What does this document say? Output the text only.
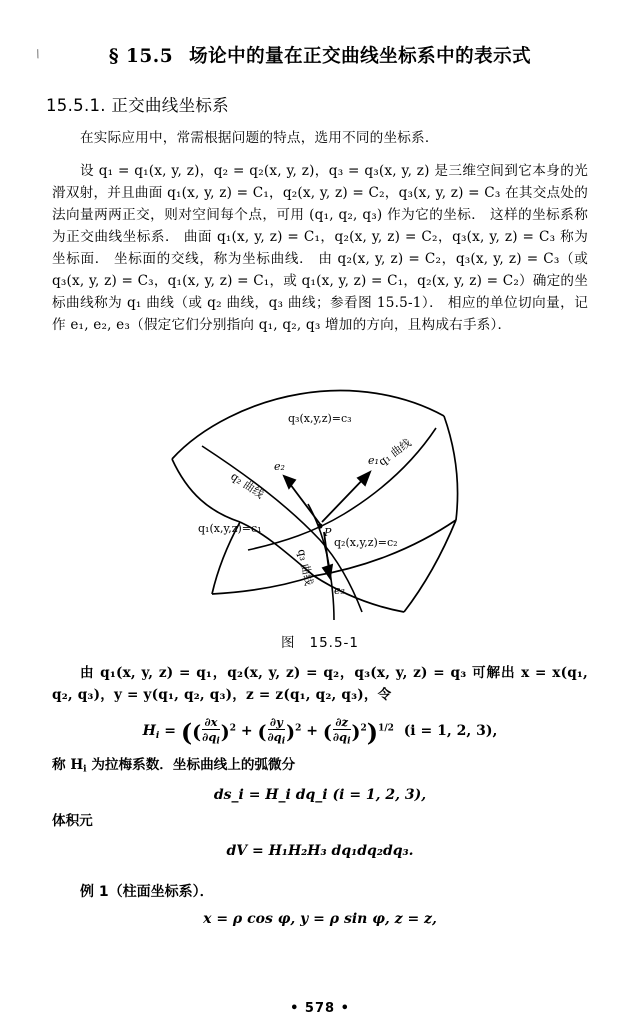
\	§ 15.5 场论中的量在正交曲线坐标系中的表示式
15.5.1. 正交曲线坐标系

在实际应用中，常需根据问题的特点，选用不同的坐标系．

设 q₁ = q₁(x, y, z)，q₂ = q₂(x, y, z)，q₃ = q₃(x, y, z) 是三维空间到它本身的光滑双射，并且曲面 q₁(x, y, z) = C₁，q₂(x, y, z) = C₂，q₃(x, y, z) = C₃ 在其交点处的法向量两两正交，则对空间每个点，可用 (q₁, q₂, q₃) 作为它的坐标． 这样的坐标系称为正交曲线坐标系． 曲面 q₁(x, y, z) = C₁，q₂(x, y, z) = C₂，q₃(x, y, z) = C₃ 称为坐标面． 坐标面的交线，称为坐标曲线． 由 q₂(x, y, z) = C₂，q₃(x, y, z) = C₃（或 q₃(x, y, z) = C₃，q₁(x, y, z) = C₁，或 q₁(x, y, z) = C₁，q₂(x, y, z) = C₂）确定的坐标曲线称为 q₁ 曲线（或 q₂ 曲线，q₃ 曲线；参看图 15.5-1）． 相应的单位切向量，记作 e₁, e₂, e₃（假定它们分别指向 q₁, q₂, q₃ 增加的方向，且构成右手系）．

q₃(x,y,z)=c₃
q₁(x,y,z)=c₁
q₂(x,y,z)=c₂
q₂ 曲线
q₁ 曲线
q₃ 曲线
P
e₁
e₂
e₃
图 15.5-1

由 q₁(x, y, z) = q₁，q₂(x, y, z) = q₂，q₃(x, y, z) = q₃ 可解出 x = x(q₁, q₂, q₃)，y = y(q₁, q₂, q₃)，z = z(q₁, q₂, q₃)，令

$H_i = ((\frac{\partial x}{\partial q_i} )^2 + (\frac{\partial y}{\partial q_i} )^2 + (\frac{\partial z}{\partial q_i} )^2)^{1/2}$ (i = 1, 2, 3),

称 $H_i$ 为拉梅系数．坐标曲线上的弧微分

ds_i = H_i dq_i (i = 1, 2, 3),

体积元

dV = H₁H₂H₃ dq₁dq₂dq₃.
例 1（柱面坐标系）．
x = ρ cos φ, y = ρ sin φ, z = z,
• 578 •
